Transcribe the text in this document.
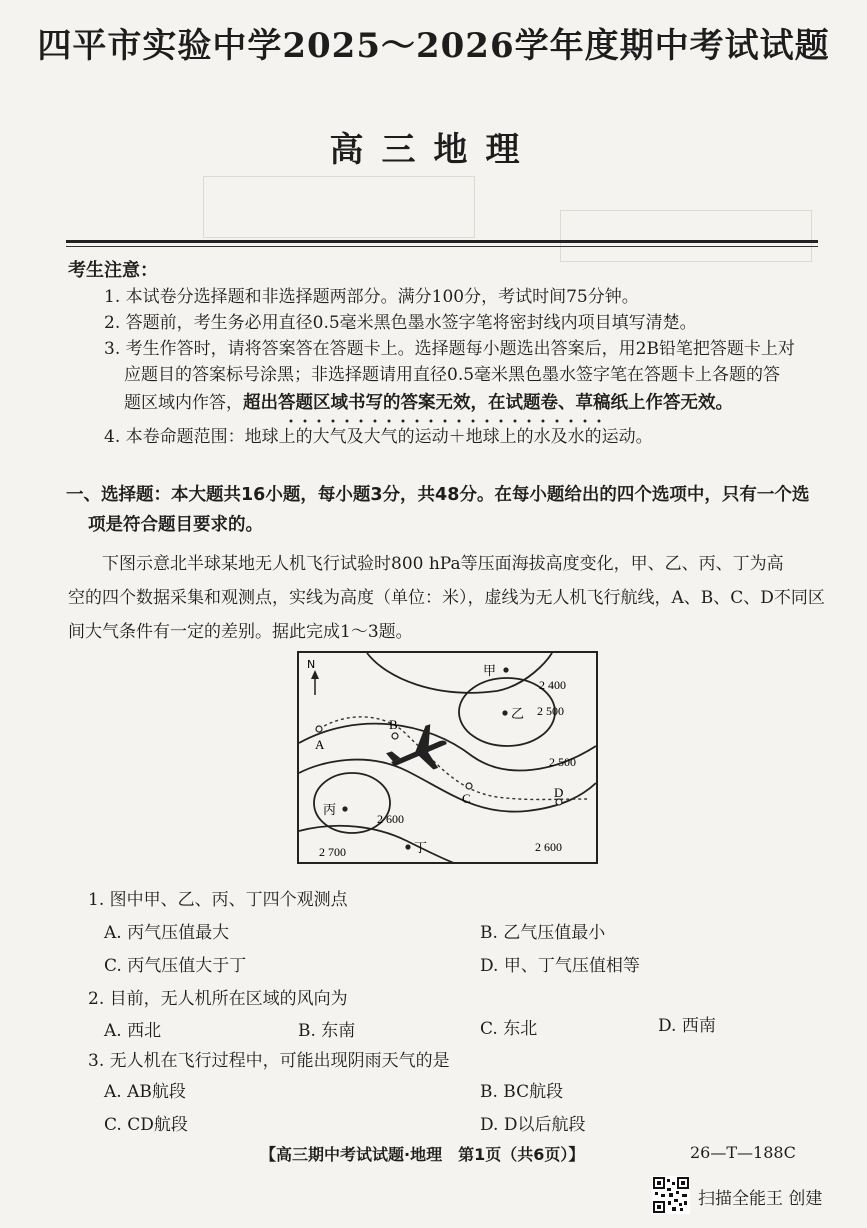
四平市实验中学2025～2026学年度期中考试试题
高三地理
考生注意：
1. 本试卷分选择题和非选择题两部分。满分100分，考试时间75分钟。
2. 答题前，考生务必用直径0.5毫米黑色墨水签字笔将密封线内项目填写清楚。
3. 考生作答时，请将答案答在答题卡上。选择题每小题选出答案后，用2B铅笔把答题卡上对
应题目的答案标号涂黑；非选择题请用直径0.5毫米黑色墨水签字笔在答题卡上各题的答
题区域内作答，超出答题区域书写的答案无效，在试题卷、草稿纸上作答无效。
4. 本卷命题范围：地球上的大气及大气的运动＋地球上的水及水的运动。
一、选择题：本大题共16小题，每小题3分，共48分。在每小题给出的四个选项中，只有一个选
项是符合题目要求的。
下图示意北半球某地无人机飞行试验时800 hPa等压面海拔高度变化，甲、乙、丙、丁为高
空的四个数据采集和观测点，实线为高度（单位：米），虚线为无人机飞行航线，A、B、C、D不同区
间大气条件有一定的差别。据此完成1～3题。
N
A
B
C	D
甲
乙
丙
丁
2 400
2 500
2 500
2 600
2 600
2 700
1. 图中甲、乙、丙、丁四个观测点
A. 丙气压值最大	B. 乙气压值最小
C. 丙气压值大于丁	D. 甲、丁气压值相等
2. 目前，无人机所在区域的风向为
A. 西北	B. 东南	C. 东北	D. 西南
3. 无人机在飞行过程中，可能出现阴雨天气的是
A. AB航段	B. BC航段
C. CD航段	D. D以后航段
【高三期中考试试题·地理　第1页（共6页）】	26—T—188C
扫描全能王 创建
